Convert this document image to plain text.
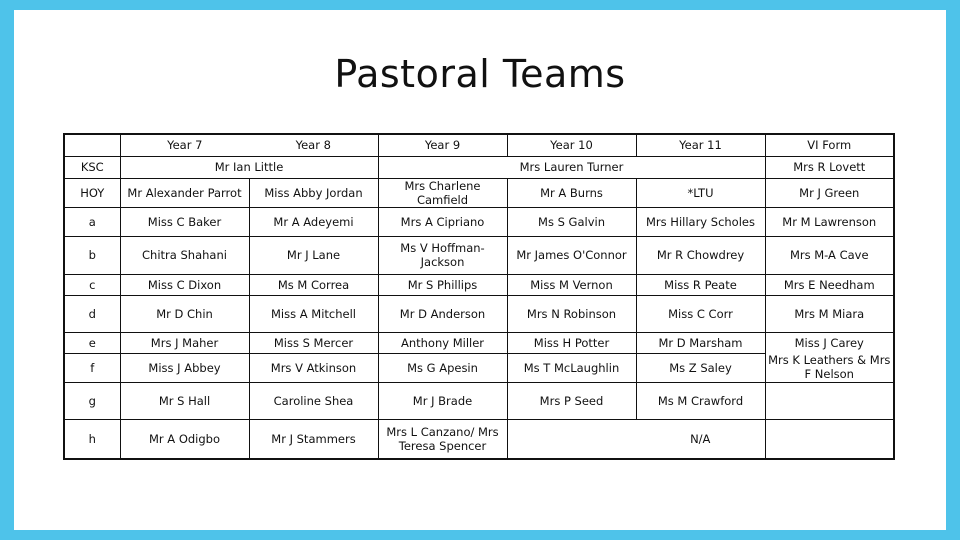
Pastoral Teams
	Year 7	Year 8	Year 9	Year 10	Year 11	VI Form
KSC	Mr Ian Little		Mrs Lauren Turner			Mrs R Lovett
HOY	Mr Alexander Parrot	Miss Abby Jordan	Mrs Charlene Camfield	Mr A Burns	*LTU	Mr J Green
a	Miss C Baker	Mr A Adeyemi	Mrs A Cipriano	Ms S Galvin	Mrs Hillary Scholes	Mr M Lawrenson
b	Chitra Shahani	Mr J Lane	Ms V Hoffman-Jackson	Mr James O'Connor	Mr R Chowdrey	Mrs M-A Cave
c	Miss C Dixon	Ms M Correa	Mr S Phillips	Miss M Vernon	Miss R Peate	Mrs E Needham
d	Mr D Chin	Miss A Mitchell	Mr D Anderson	Mrs N Robinson	Miss C Corr	Mrs M Miara
e	Mrs J Maher	Miss S Mercer	Anthony Miller	Miss H Potter	Mr D Marsham	Miss J Carey
f	Miss J Abbey	Mrs V Atkinson	Ms G Apesin	Ms T McLaughlin	Ms Z Saley	Mrs K Leathers & Mrs F Nelson
g	Mr S Hall	Caroline Shea	Mr J Brade	Mrs P Seed	Ms M Crawford	
h	Mr A Odigbo	Mr J Stammers	Mrs L Canzano/ Mrs Teresa Spencer		N/A	
